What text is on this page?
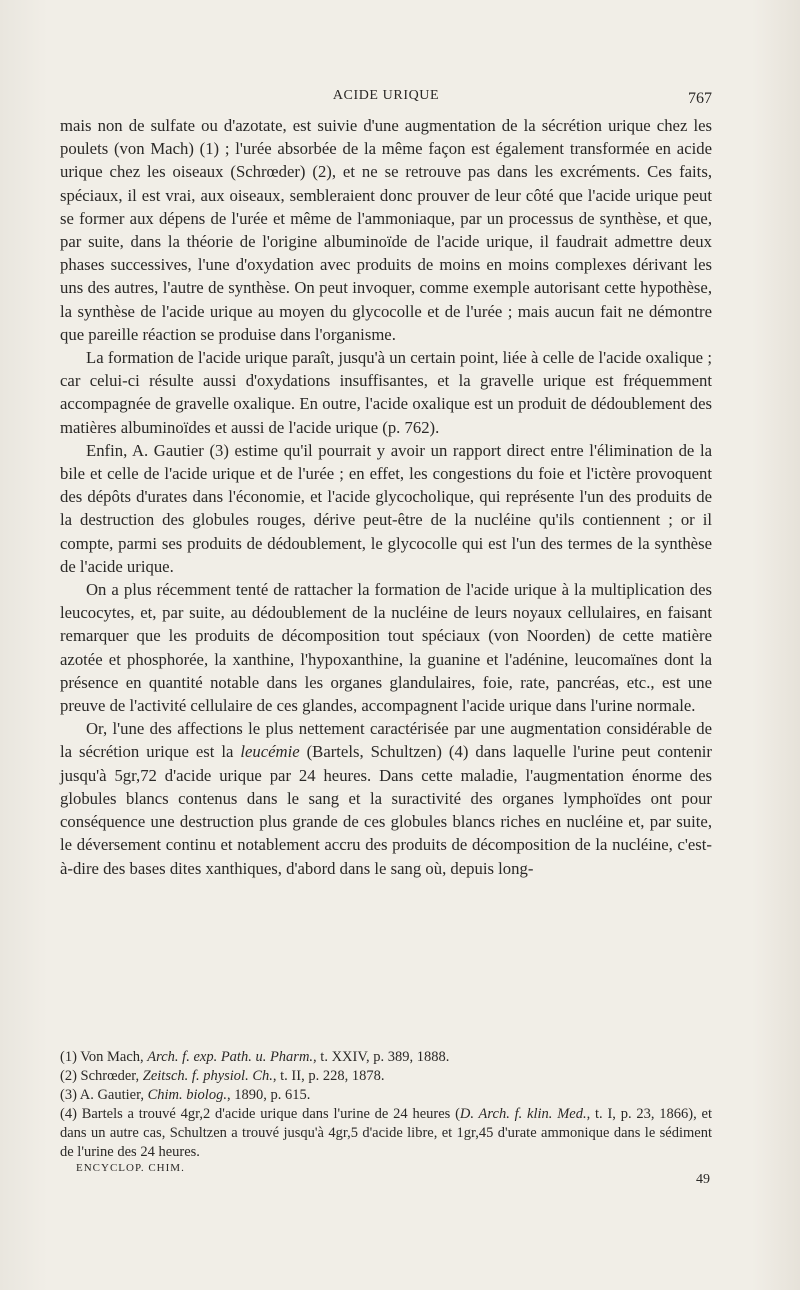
ACIDE URIQUE	767

mais non de sulfate ou d'azotate, est suivie d'une augmentation de la sécrétion urique chez les poulets (von Mach) (1) ; l'urée absorbée de la même façon est également transformée en acide urique chez les oiseaux (Schrœder) (2), et ne se retrouve pas dans les excréments. Ces faits, spéciaux, il est vrai, aux oiseaux, sembleraient donc prouver de leur côté que l'acide urique peut se former aux dépens de l'urée et même de l'ammoniaque, par un processus de synthèse, et que, par suite, dans la théorie de l'origine albuminoïde de l'acide urique, il faudrait admettre deux phases successives, l'une d'oxydation avec produits de moins en moins complexes dérivant les uns des autres, l'autre de synthèse. On peut invoquer, comme exemple autorisant cette hypothèse, la synthèse de l'acide urique au moyen du glycocolle et de l'urée ; mais aucun fait ne démontre que pareille réaction se produise dans l'organisme.

La formation de l'acide urique paraît, jusqu'à un certain point, liée à celle de l'acide oxalique ; car celui-ci résulte aussi d'oxydations insuffisantes, et la gravelle urique est fréquemment accompagnée de gravelle oxalique. En outre, l'acide oxalique est un produit de dédoublement des matières albuminoïdes et aussi de l'acide urique (p. 762).

Enfin, A. Gautier (3) estime qu'il pourrait y avoir un rapport direct entre l'élimination de la bile et celle de l'acide urique et de l'urée ; en effet, les congestions du foie et l'ictère provoquent des dépôts d'urates dans l'économie, et l'acide glycocholique, qui représente l'un des produits de la destruction des globules rouges, dérive peut-être de la nucléine qu'ils contiennent ; or il compte, parmi ses produits de dédoublement, le glycocolle qui est l'un des termes de la synthèse de l'acide urique.

On a plus récemment tenté de rattacher la formation de l'acide urique à la multiplication des leucocytes, et, par suite, au dédoublement de la nucléine de leurs noyaux cellulaires, en faisant remarquer que les produits de décomposition tout spéciaux (von Noorden) de cette matière azotée et phosphorée, la xanthine, l'hypoxanthine, la guanine et l'adénine, leucomaïnes dont la présence en quantité notable dans les organes glandulaires, foie, rate, pancréas, etc., est une preuve de l'activité cellulaire de ces glandes, accompagnent l'acide urique dans l'urine normale.

Or, l'une des affections le plus nettement caractérisée par une augmentation considérable de la sécrétion urique est la leucémie (Bartels, Schultzen) (4) dans laquelle l'urine peut contenir jusqu'à 5gr,72 d'acide urique par 24 heures. Dans cette maladie, l'augmentation énorme des globules blancs contenus dans le sang et la suractivité des organes lymphoïdes ont pour conséquence une destruction plus grande de ces globules blancs riches en nucléine et, par suite, le déversement continu et notablement accru des produits de décomposition de la nucléine, c'est-à-dire des bases dites xanthiques, d'abord dans le sang où, depuis long-

(1) Von Mach, Arch. f. exp. Path. u. Pharm., t. XXIV, p. 389, 1888.

(2) Schrœder, Zeitsch. f. physiol. Ch., t. II, p. 228, 1878.

(3) A. Gautier, Chim. biolog., 1890, p. 615.

(4) Bartels a trouvé 4gr,2 d'acide urique dans l'urine de 24 heures (D. Arch. f. klin. Med., t. I, p. 23, 1866), et dans un autre cas, Schultzen a trouvé jusqu'à 4gr,5 d'acide libre, et 1gr,45 d'urate ammonique dans le sédiment de l'urine des 24 heures.

ENCYCLOP. CHIM.
49
